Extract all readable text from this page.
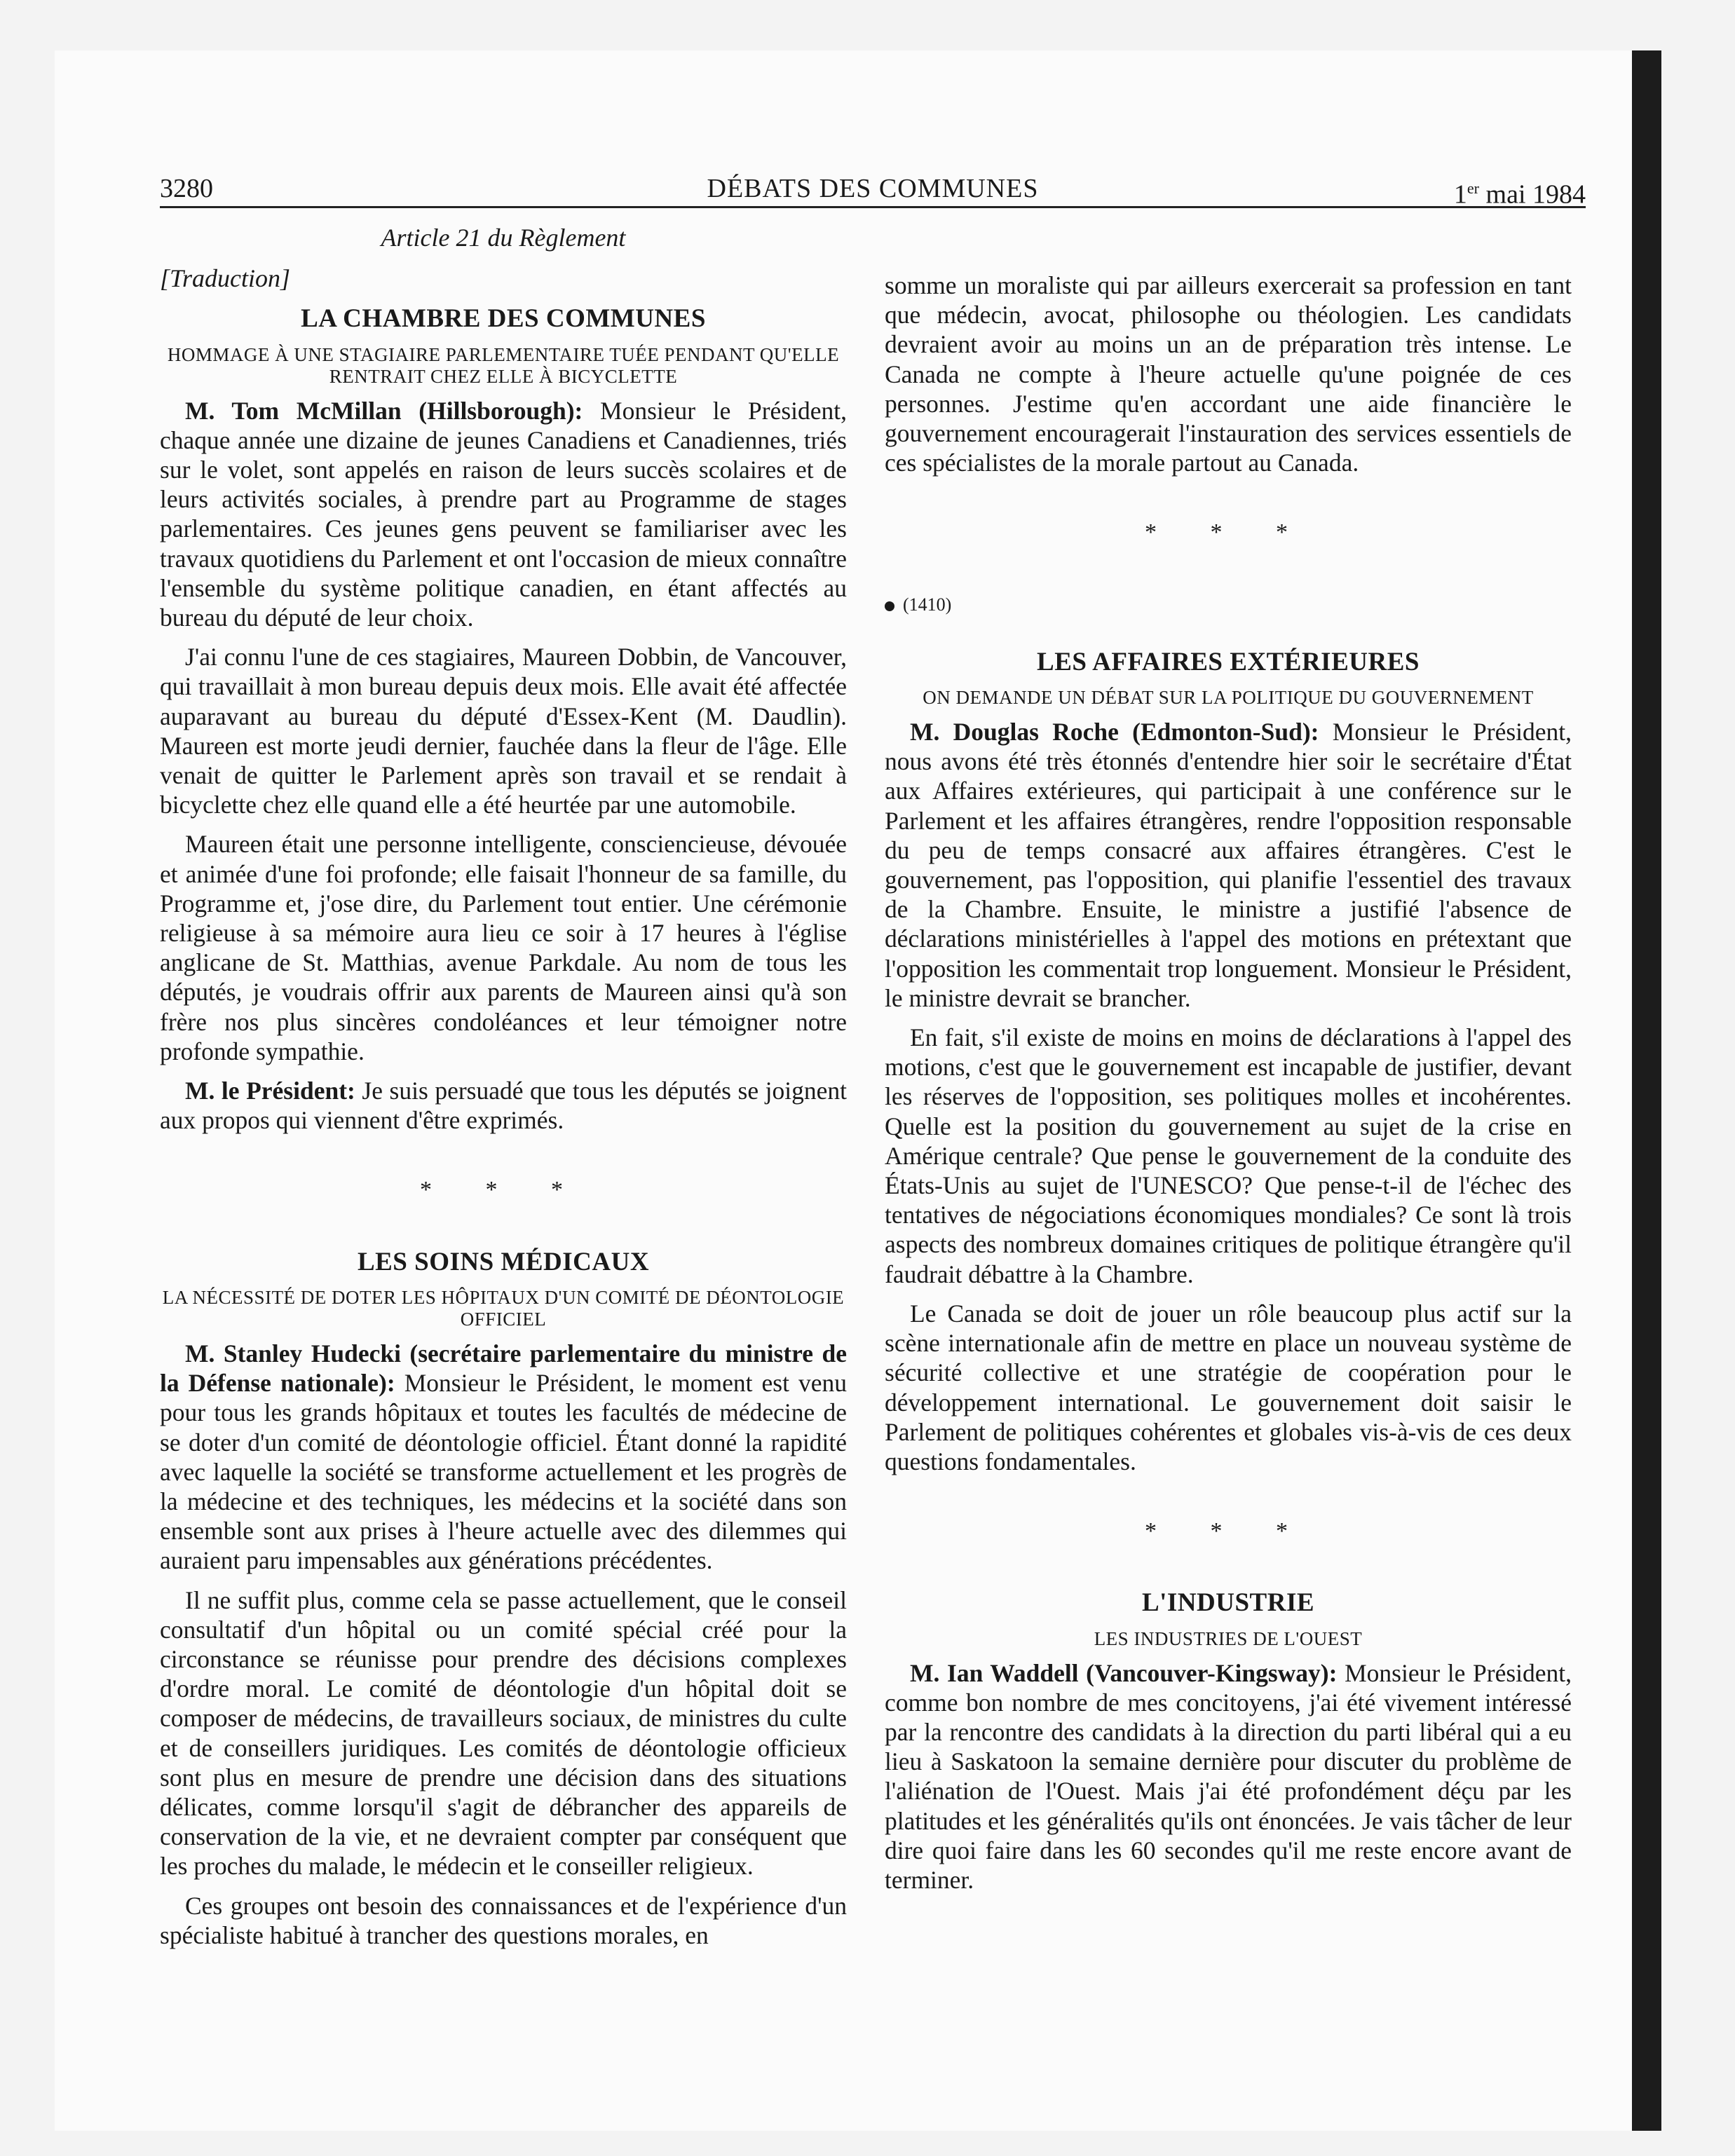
3280	DÉBATS DES COMMUNES	1er mai 1984
Article 21 du Règlement
[Traduction]
LA CHAMBRE DES COMMUNES
HOMMAGE À UNE STAGIAIRE PARLEMENTAIRE TUÉE PENDANT QU'ELLE RENTRAIT CHEZ ELLE À BICYCLETTE

M. Tom McMillan (Hillsborough): Monsieur le Président, chaque année une dizaine de jeunes Canadiens et Canadiennes, triés sur le volet, sont appelés en raison de leurs succès scolaires et de leurs activités sociales, à prendre part au Programme de stages parlementaires. Ces jeunes gens peuvent se familiariser avec les travaux quotidiens du Parlement et ont l'occasion de mieux connaître l'ensemble du système politique canadien, en étant affectés au bureau du député de leur choix.

J'ai connu l'une de ces stagiaires, Maureen Dobbin, de Vancouver, qui travaillait à mon bureau depuis deux mois. Elle avait été affectée auparavant au bureau du député d'Essex-Kent (M. Daudlin). Maureen est morte jeudi dernier, fauchée dans la fleur de l'âge. Elle venait de quitter le Parlement après son travail et se rendait à bicyclette chez elle quand elle a été heurtée par une automobile.

Maureen était une personne intelligente, consciencieuse, dévouée et animée d'une foi profonde; elle faisait l'honneur de sa famille, du Programme et, j'ose dire, du Parlement tout entier. Une cérémonie religieuse à sa mémoire aura lieu ce soir à 17 heures à l'église anglicane de St. Matthias, avenue Parkdale. Au nom de tous les députés, je voudrais offrir aux parents de Maureen ainsi qu'à son frère nos plus sincères condoléances et leur témoigner notre profonde sympathie.

M. le Président: Je suis persuadé que tous les députés se joignent aux propos qui viennent d'être exprimés.

* * *
LES SOINS MÉDICAUX
LA NÉCESSITÉ DE DOTER LES HÔPITAUX D'UN COMITÉ DE DÉONTOLOGIE OFFICIEL

M. Stanley Hudecki (secrétaire parlementaire du ministre de la Défense nationale): Monsieur le Président, le moment est venu pour tous les grands hôpitaux et toutes les facultés de médecine de se doter d'un comité de déontologie officiel. Étant donné la rapidité avec laquelle la société se transforme actuellement et les progrès de la médecine et des techniques, les médecins et la société dans son ensemble sont aux prises à l'heure actuelle avec des dilemmes qui auraient paru impensables aux générations précédentes.

Il ne suffit plus, comme cela se passe actuellement, que le conseil consultatif d'un hôpital ou un comité spécial créé pour la circonstance se réunisse pour prendre des décisions complexes d'ordre moral. Le comité de déontologie d'un hôpital doit se composer de médecins, de travailleurs sociaux, de ministres du culte et de conseillers juridiques. Les comités de déontologie officieux sont plus en mesure de prendre une décision dans des situations délicates, comme lorsqu'il s'agit de débrancher des appareils de conservation de la vie, et ne devraient compter par conséquent que les proches du malade, le médecin et le conseiller religieux.

Ces groupes ont besoin des connaissances et de l'expérience d'un spécialiste habitué à trancher des questions morales, en

somme un moraliste qui par ailleurs exercerait sa profession en tant que médecin, avocat, philosophe ou théologien. Les candidats devraient avoir au moins un an de préparation très intense. Le Canada ne compte à l'heure actuelle qu'une poignée de ces personnes. J'estime qu'en accordant une aide financière le gouvernement encouragerait l'instauration des services essentiels de ces spécialistes de la morale partout au Canada.

* * *
(1410)
LES AFFAIRES EXTÉRIEURES
ON DEMANDE UN DÉBAT SUR LA POLITIQUE DU GOUVERNEMENT

M. Douglas Roche (Edmonton-Sud): Monsieur le Président, nous avons été très étonnés d'entendre hier soir le secrétaire d'État aux Affaires extérieures, qui participait à une conférence sur le Parlement et les affaires étrangères, rendre l'opposition responsable du peu de temps consacré aux affaires étrangères. C'est le gouvernement, pas l'opposition, qui planifie l'essentiel des travaux de la Chambre. Ensuite, le ministre a justifié l'absence de déclarations ministérielles à l'appel des motions en prétextant que l'opposition les commentait trop longuement. Monsieur le Président, le ministre devrait se brancher.

En fait, s'il existe de moins en moins de déclarations à l'appel des motions, c'est que le gouvernement est incapable de justifier, devant les réserves de l'opposition, ses politiques molles et incohérentes. Quelle est la position du gouvernement au sujet de la crise en Amérique centrale? Que pense le gouvernement de la conduite des États-Unis au sujet de l'UNESCO? Que pense-t-il de l'échec des tentatives de négociations économiques mondiales? Ce sont là trois aspects des nombreux domaines critiques de politique étrangère qu'il faudrait débattre à la Chambre.

Le Canada se doit de jouer un rôle beaucoup plus actif sur la scène internationale afin de mettre en place un nouveau système de sécurité collective et une stratégie de coopération pour le développement international. Le gouvernement doit saisir le Parlement de politiques cohérentes et globales vis-à-vis de ces deux questions fondamentales.

* * *
L'INDUSTRIE
LES INDUSTRIES DE L'OUEST

M. Ian Waddell (Vancouver-Kingsway): Monsieur le Président, comme bon nombre de mes concitoyens, j'ai été vivement intéressé par la rencontre des candidats à la direction du parti libéral qui a eu lieu à Saskatoon la semaine dernière pour discuter du problème de l'aliénation de l'Ouest. Mais j'ai été profondément déçu par les platitudes et les généralités qu'ils ont énoncées. Je vais tâcher de leur dire quoi faire dans les 60 secondes qu'il me reste encore avant de terminer.
